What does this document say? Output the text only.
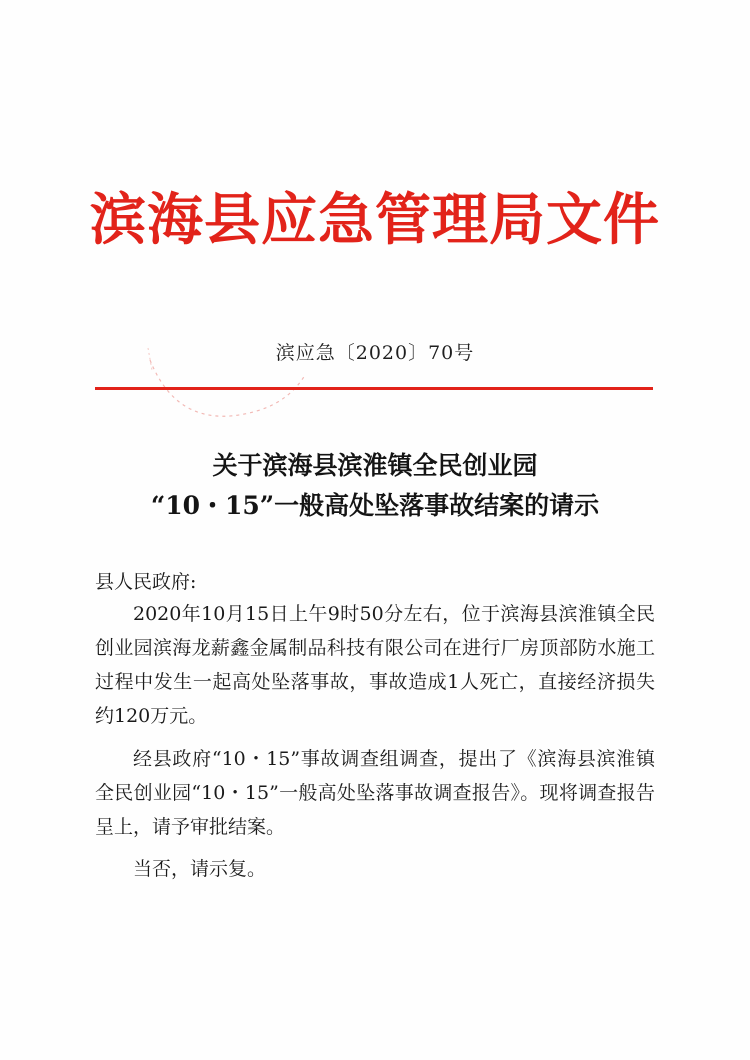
滨海县应急管理局文件
滨应急〔2020〕70号
关于滨海县滨淮镇全民创业园
“10・15”一般高处坠落事故结案的请示
县人民政府:

2020年10月15日上午9时50分左右，位于滨海县滨淮镇全民创业园滨海龙薪鑫金属制品科技有限公司在进行厂房顶部防水施工过程中发生一起高处坠落事故，事故造成1人死亡，直接经济损失约120万元。

经县政府“10・15”事故调查组调查，提出了《滨海县滨淮镇全民创业园“10・15”一般高处坠落事故调查报告》。现将调查报告呈上，请予审批结案。

当否，请示复。
